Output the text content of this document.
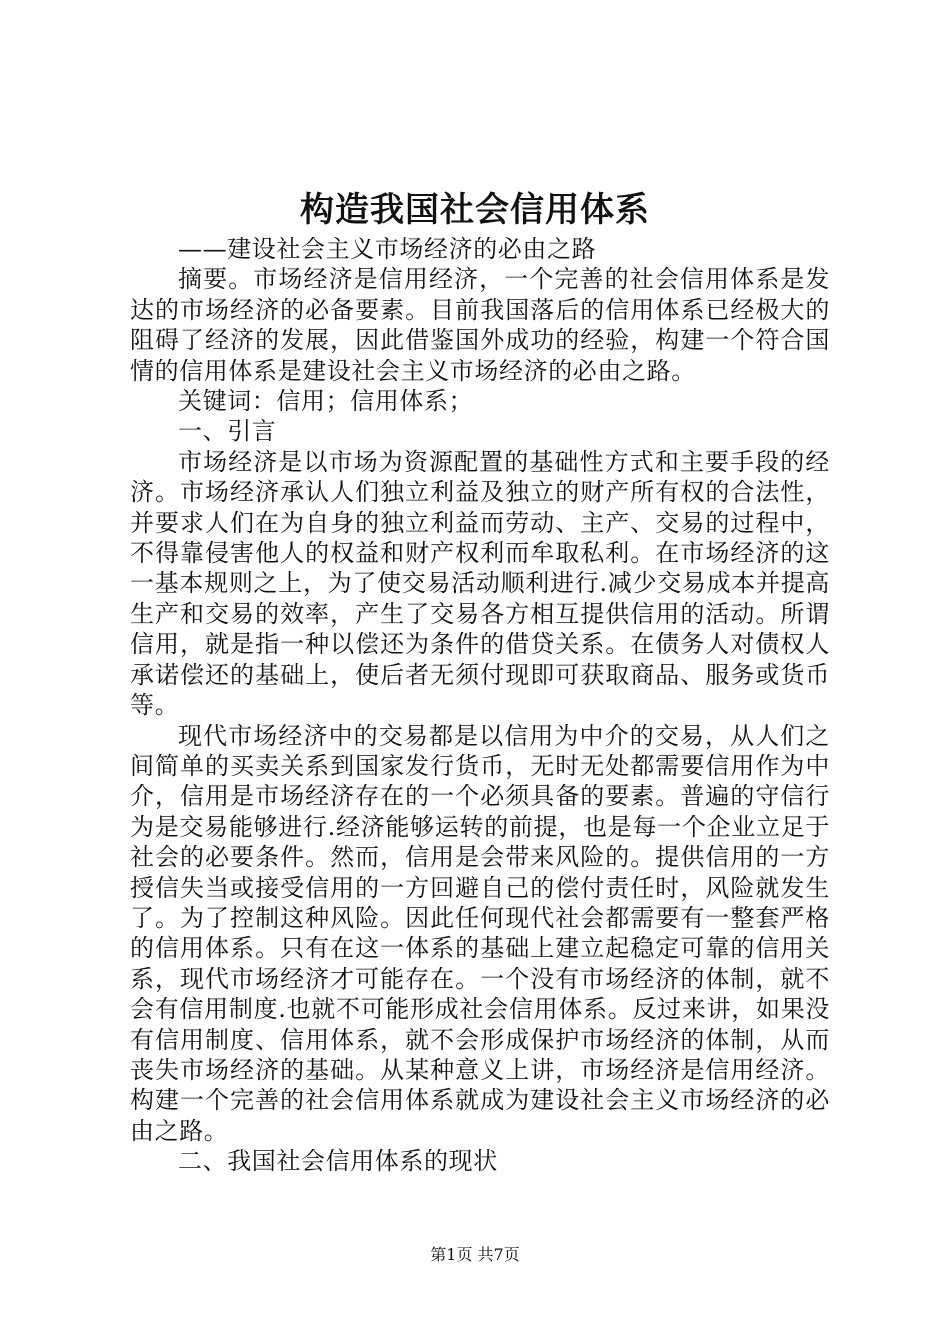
构造我国社会信用体系

——建设社会主义市场经济的必由之路

摘要。市场经济是信用经济，一个完善的社会信用体系是发达的市场经济的必备要素。目前我国落后的信用体系已经极大的阻碍了经济的发展，因此借鉴国外成功的经验，构建一个符合国情的信用体系是建设社会主义市场经济的必由之路。

关键词：信用；信用体系；

一、引言

市场经济是以市场为资源配置的基础性方式和主要手段的经济。市场经济承认人们独立利益及独立的财产所有权的合法性，并要求人们在为自身的独立利益而劳动、主产、交易的过程中，不得靠侵害他人的权益和财产权利而牟取私利。在市场经济的这一基本规则之上，为了使交易活动顺利进行.减少交易成本并提高生产和交易的效率，产生了交易各方相互提供信用的活动。所谓信用，就是指一种以偿还为条件的借贷关系。在债务人对债权人承诺偿还的基础上，使后者无须付现即可获取商品、服务或货币等。

现代市场经济中的交易都是以信用为中介的交易，从人们之间简单的买卖关系到国家发行货币，无时无处都需要信用作为中介，信用是市场经济存在的一个必须具备的要素。普遍的守信行为是交易能够进行.经济能够运转的前提，也是每一个企业立足于社会的必要条件。然而，信用是会带来风险的。提供信用的一方授信失当或接受信用的一方回避自己的偿付责任时，风险就发生了。为了控制这种风险。因此任何现代社会都需要有一整套严格的信用体系。只有在这一体系的基础上建立起稳定可靠的信用关系，现代市场经济才可能存在。一个没有市场经济的体制，就不会有信用制度.也就不可能形成社会信用体系。反过来讲，如果没有信用制度、信用体系，就不会形成保护市场经济的体制，从而丧失市场经济的基础。从某种意义上讲，市场经济是信用经济。构建一个完善的社会信用体系就成为建设社会主义市场经济的必由之路。

二、我国社会信用体系的现状

第1页 共7页
